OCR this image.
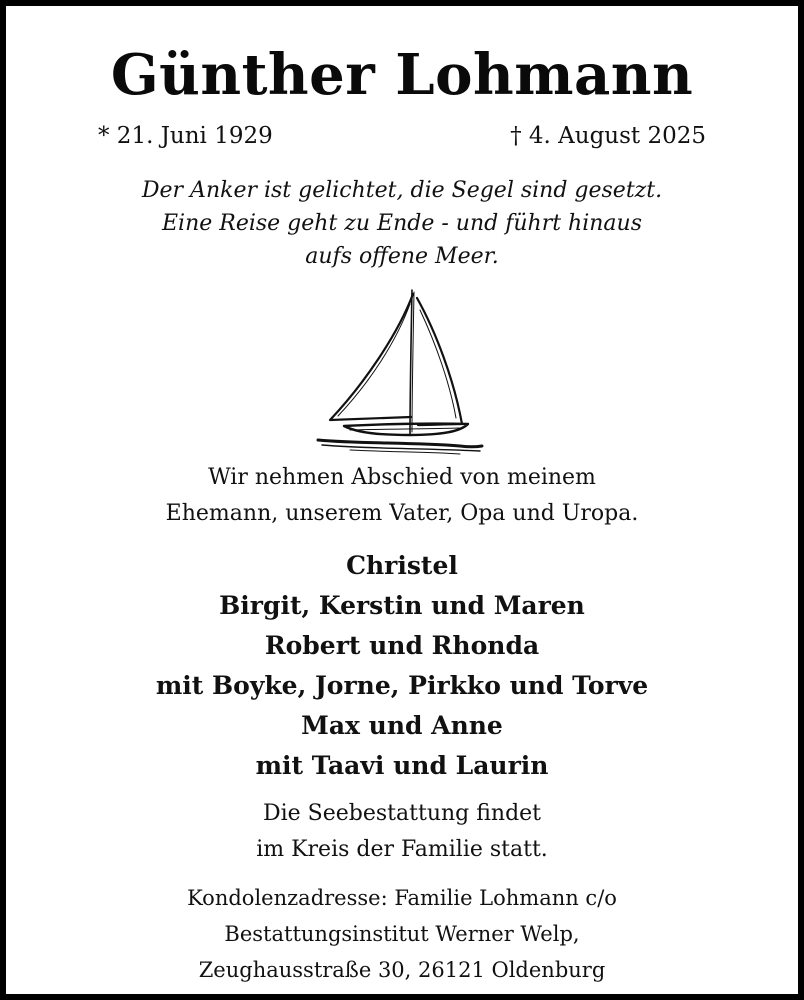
Günther Lohmann
* 21. Juni 1929	† 4. August 2025
Der Anker ist gelichtet, die Segel sind gesetzt.
Eine Reise geht zu Ende - und führt hinaus
aufs offene Meer.
Wir nehmen Abschied von meinem
Ehemann, unserem Vater, Opa und Uropa.
Christel
Birgit, Kerstin und Maren
Robert und Rhonda
mit Boyke, Jorne, Pirkko und Torve
Max und Anne
mit Taavi und Laurin
Die Seebestattung findet
im Kreis der Familie statt.
Kondolenzadresse: Familie Lohmann c/o
Bestattungsinstitut Werner Welp,
Zeughausstraße 30, 26121 Oldenburg
